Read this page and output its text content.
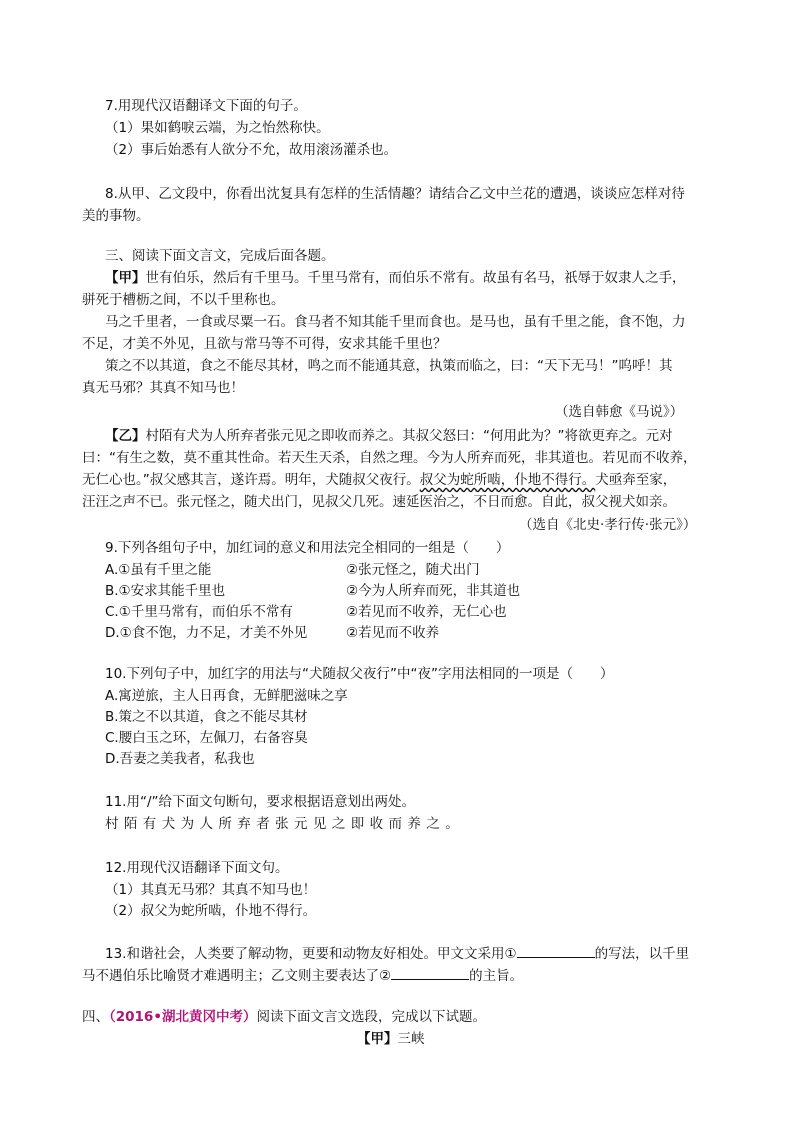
7.用现代汉语翻译文下面的句子。
（1）果如鹤唳云端，为之怡然称快。
（2）事后始悉有人欲分不允，故用滚汤灌杀也。
8.从甲、乙文段中，你看出沈复具有怎样的生活情趣？请结合乙文中兰花的遭遇，谈谈应怎样对待
美的事物。
三、阅读下面文言文，完成后面各题。
【甲】世有伯乐，然后有千里马。千里马常有，而伯乐不常有。故虽有名马，祇辱于奴隶人之手，
骈死于槽枥之间，不以千里称也。
马之千里者，一食或尽粟一石。食马者不知其能千里而食也。是马也，虽有千里之能，食不饱，力
不足，才美不外见，且欲与常马等不可得，安求其能千里也？
策之不以其道，食之不能尽其材，鸣之而不能通其意，执策而临之，曰：“天下无马！”呜呼！其
真无马邪？其真不知马也！
（选自韩愈《马说》）
【乙】村陌有犬为人所弃者张元见之即收而养之。其叔父怒曰：“何用此为？”将欲更弃之。元对
曰：“有生之数，莫不重其性命。若天生天杀，自然之理。今为人所弃而死，非其道也。若见而不收养，
无仁心也。”叔父感其言，遂许焉。明年，犬随叔父夜行。叔父为蛇所啮，仆地不得行。犬亟奔至家，
汪汪之声不已。张元怪之，随犬出门，见叔父几死。速延医治之，不日而愈。自此，叔父视犬如亲。
（选自《北史·孝行传·张元》）
9.下列各组句子中，加红词的意义和用法完全相同的一组是（　　）
A.①虽有千里之能	②张元怪之，随犬出门
B.①安求其能千里也	②今为人所弃而死，非其道也
C.①千里马常有，而伯乐不常有	②若见而不收养，无仁心也
D.①食不饱，力不足，才美不外见	②若见而不收养
10.下列句子中，加红字的用法与“犬随叔父夜行”中“夜”字用法相同的一项是（　　）
A.寓逆旅，主人日再食，无鲜肥滋味之享
B.策之不以其道，食之不能尽其材
C.腰白玉之环，左佩刀，右备容臭
D.吾妻之美我者，私我也
11.用“/”给下面文句断句，要求根据语意划出两处。
村陌有犬为人所弃者张元见之即收而养之。
12.用现代汉语翻译下面文句。
（1）其真无马邪？其真不知马也！
（2）叔父为蛇所啮，仆地不得行。
13.和谐社会，人类要了解动物，更要和动物友好相处。甲文文采用①	的写法，以千里
马不遇伯乐比喻贤才难遇明主；乙文则主要表达了②	的主旨。
四、（2016•湖北黄冈中考）阅读下面文言文选段，完成以下试题。
【甲】三峡
